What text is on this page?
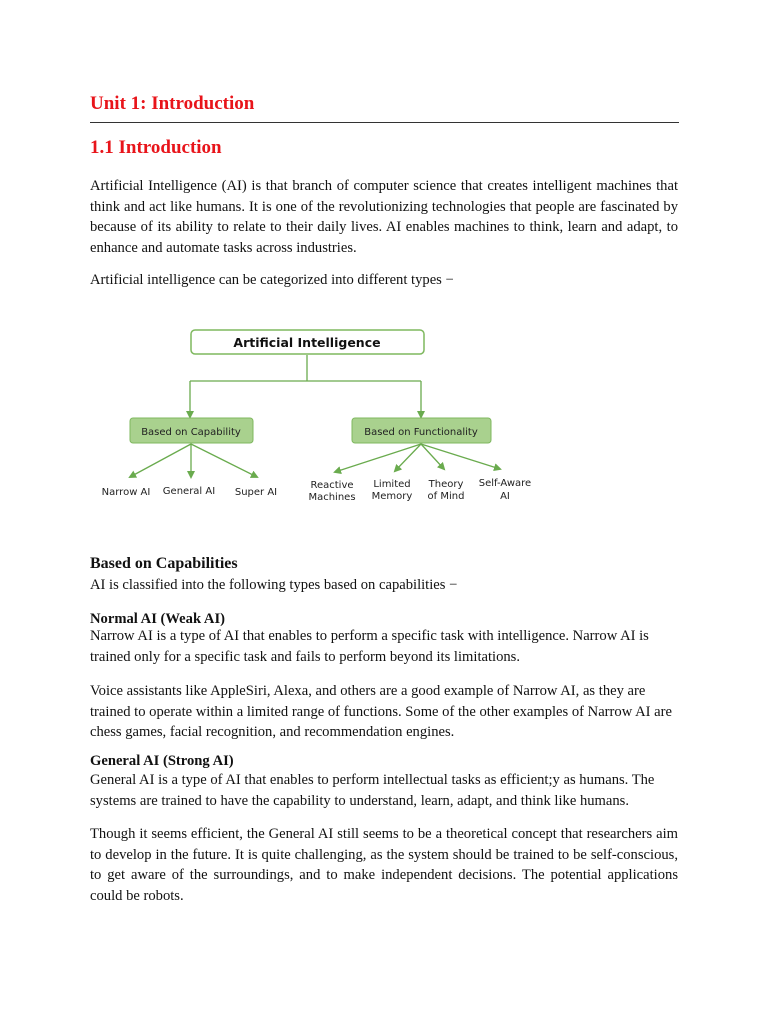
Unit 1: Introduction
1.1 Introduction

Artificial Intelligence (AI) is that branch of computer science that creates intelligent machines that think and act like humans. It is one of the revolutionizing technologies that people are fascinated by because of its ability to relate to their daily lives. AI enables machines to think, learn and adapt, to enhance and automate tasks across industries.

Artificial intelligence can be categorized into different types −

Artificial Intelligence
Based on Capability	Based on Functionality
Narrow AI General AI Super AI
Reactive
Machines
Limited
Memory
Theory
of Mind
Self-Aware
AI
Based on Capabilities

AI is classified into the following types based on capabilities −

Normal AI (Weak AI)

Narrow AI is a type of AI that enables to perform a specific task with intelligence. Narrow AI is trained only for a specific task and fails to perform beyond its limitations.

Voice assistants like AppleSiri, Alexa, and others are a good example of Narrow AI, as they are trained to operate within a limited range of functions. Some of the other examples of Narrow AI are chess games, facial recognition, and recommendation engines.

General AI (Strong AI)

General AI is a type of AI that enables to perform intellectual tasks as efficient;y as humans. The systems are trained to have the capability to understand, learn, adapt, and think like humans.

Though it seems efficient, the General AI still seems to be a theoretical concept that researchers aim to develop in the future. It is quite challenging, as the system should be trained to be self-conscious, to get aware of the surroundings, and to make independent decisions. The potential applications could be robots.
